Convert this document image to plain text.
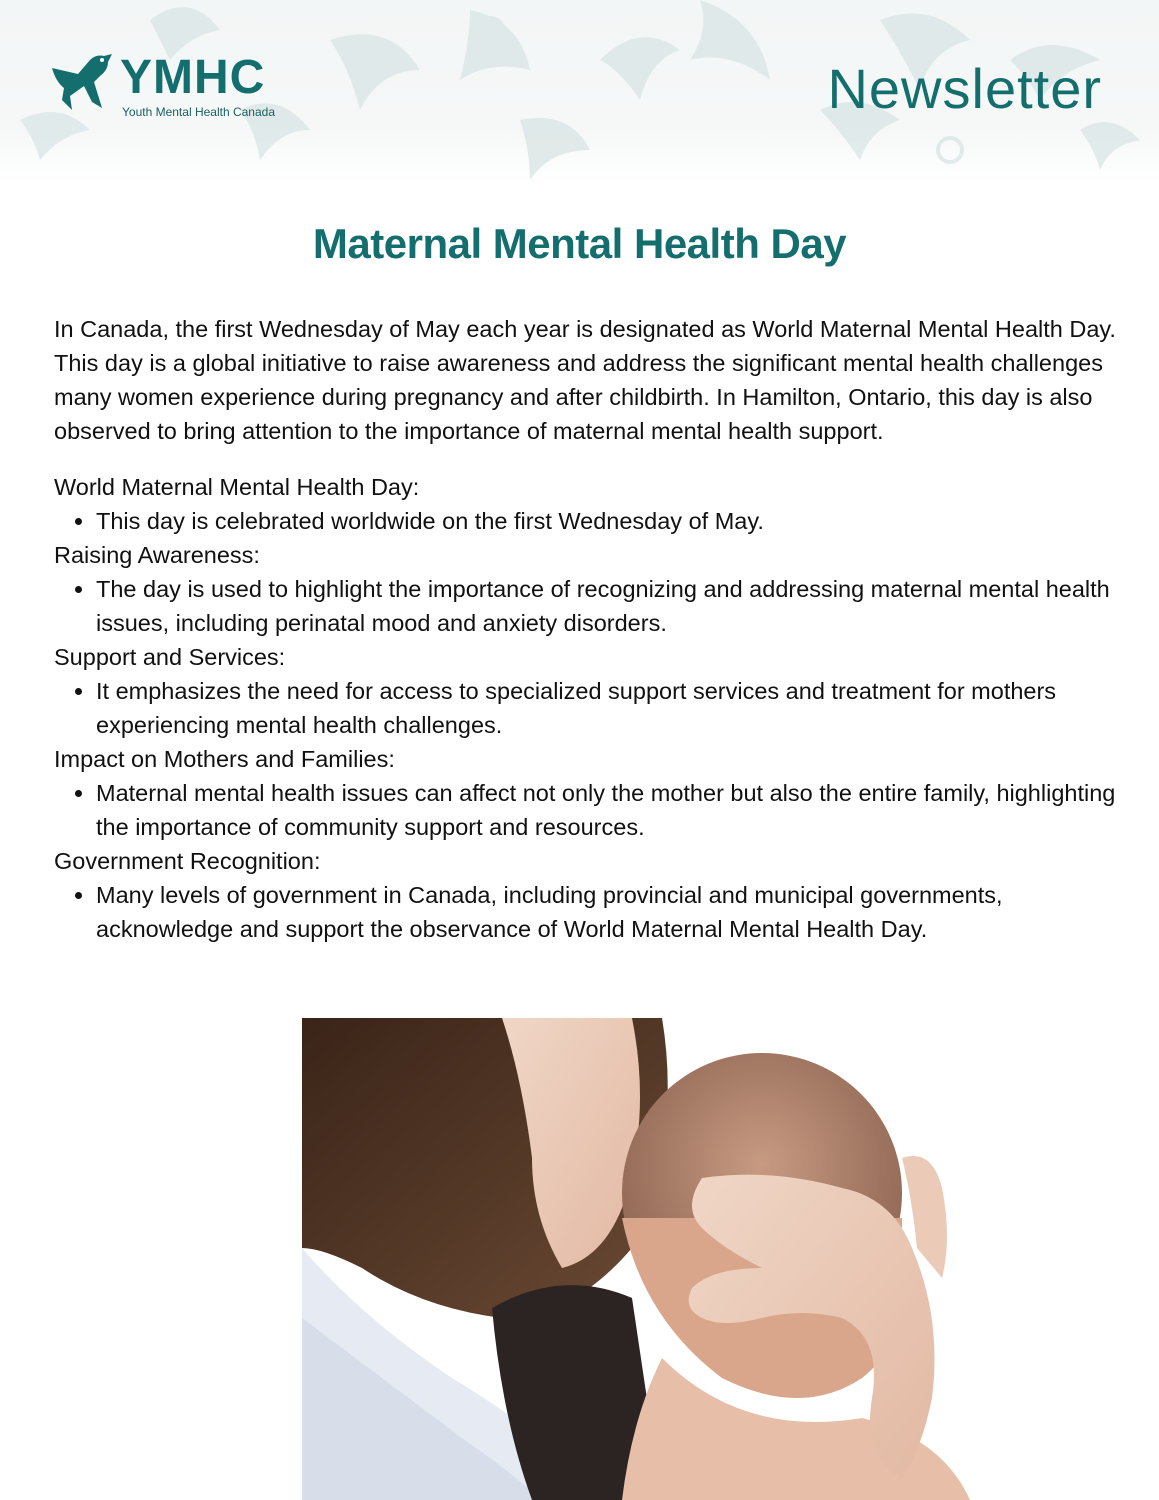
YMHC
Youth Mental Health Canada	Newsletter
Maternal Mental Health Day

In Canada, the first Wednesday of May each year is designated as World Maternal Mental Health Day. This day is a global initiative to raise awareness and address the significant mental health challenges many women experience during pregnancy and after childbirth. In Hamilton, Ontario, this day is also observed to bring attention to the importance of maternal mental health support.

World Maternal Mental Health Day:
• This day is celebrated worldwide on the first Wednesday of May.
Raising Awareness:
• The day is used to highlight the importance of recognizing and addressing maternal mental health issues, including perinatal mood and anxiety disorders.
Support and Services:
• It emphasizes the need for access to specialized support services and treatment for mothers experiencing mental health challenges.
Impact on Mothers and Families:
• Maternal mental health issues can affect not only the mother but also the entire family, highlighting the importance of community support and resources.
Government Recognition:
• Many levels of government in Canada, including provincial and municipal governments, acknowledge and support the observance of World Maternal Mental Health Day.
